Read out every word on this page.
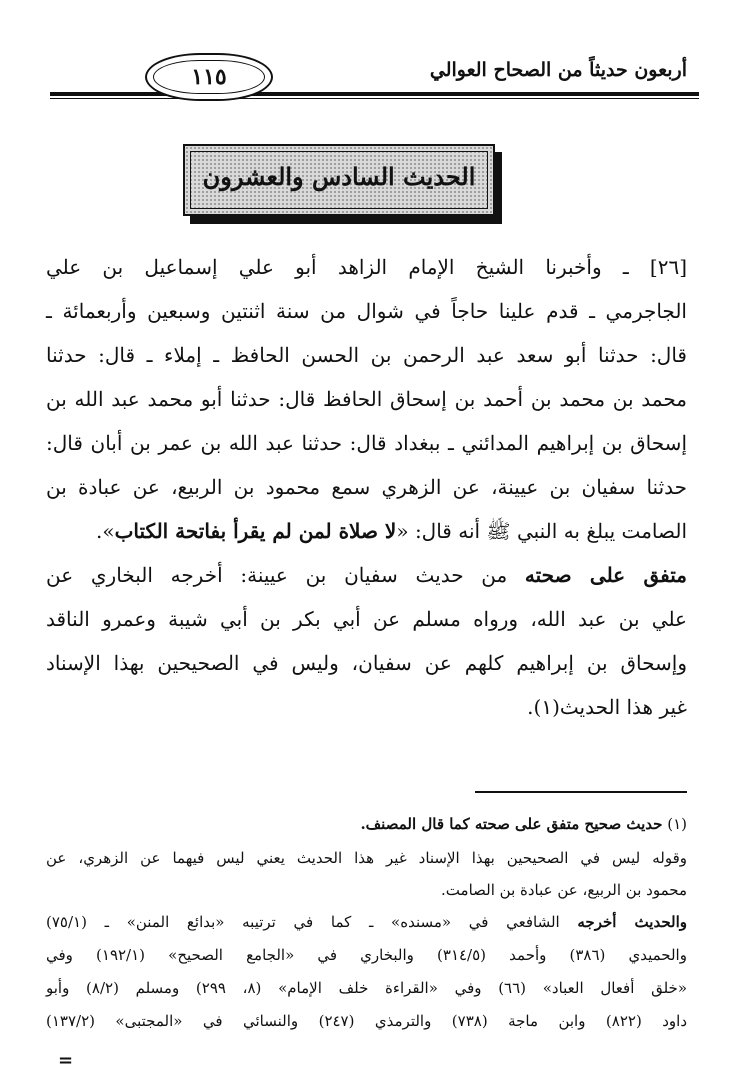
أربعون حديثاً من الصحاح العوالي
١١٥
الحديث السادس والعشرون
[٢٦] ـ وأخبرنا الشيخ الإمام الزاهد أبو علي إسماعيل بن علي
الجاجرمي ـ قدم علينا حاجاً في شوال من سنة اثنتين وسبعين وأربعمائة ـ
قال: حدثنا أبو سعد عبد الرحمن بن الحسن الحافظ ـ إملاء ـ قال: حدثنا
محمد بن محمد بن أحمد بن إسحاق الحافظ قال: حدثنا أبو محمد عبد الله بن
إسحاق بن إبراهيم المدائني ـ ببغداد قال: حدثنا عبد الله بن عمر بن أبان قال:
حدثنا سفيان بن عيينة، عن الزهري سمع محمود بن الربيع، عن عبادة بن
الصامت يبلغ به النبي ﷺ أنه قال: «لا صلاة لمن لم يقرأ بفاتحة الكتاب».
متفق على صحته من حديث سفيان بن عيينة: أخرجه البخاري عن
علي بن عبد الله، ورواه مسلم عن أبي بكر بن أبي شيبة وعمرو الناقد
وإسحاق بن إبراهيم كلهم عن سفيان، وليس في الصحيحين بهذا الإسناد
غير هذا الحديث(١).
(١) حديث صحيح متفق على صحته كما قال المصنف.
وقوله ليس في الصحيحين بهذا الإسناد غير هذا الحديث يعني ليس فيهما عن الزهري، عن
محمود بن الربيع، عن عبادة بن الصامت.
والحديث أخرجه الشافعي في «مسنده» ـ كما في ترتيبه «بدائع المنن» ـ (٧٥/١)
والحميدي (٣٨٦) وأحمد (٣١٤/٥) والبخاري في «الجامع الصحيح» (١٩٢/١) وفي
«خلق أفعال العباد» (٦٦) وفي «القراءة خلف الإمام» (٨، ٢٩٩) ومسلم (٨/٢) وأبو
داود (٨٢٢) وابن ماجة (٧٣٨) والترمذي (٢٤٧) والنسائي في «المجتبى» (١٣٧/٢)
=
